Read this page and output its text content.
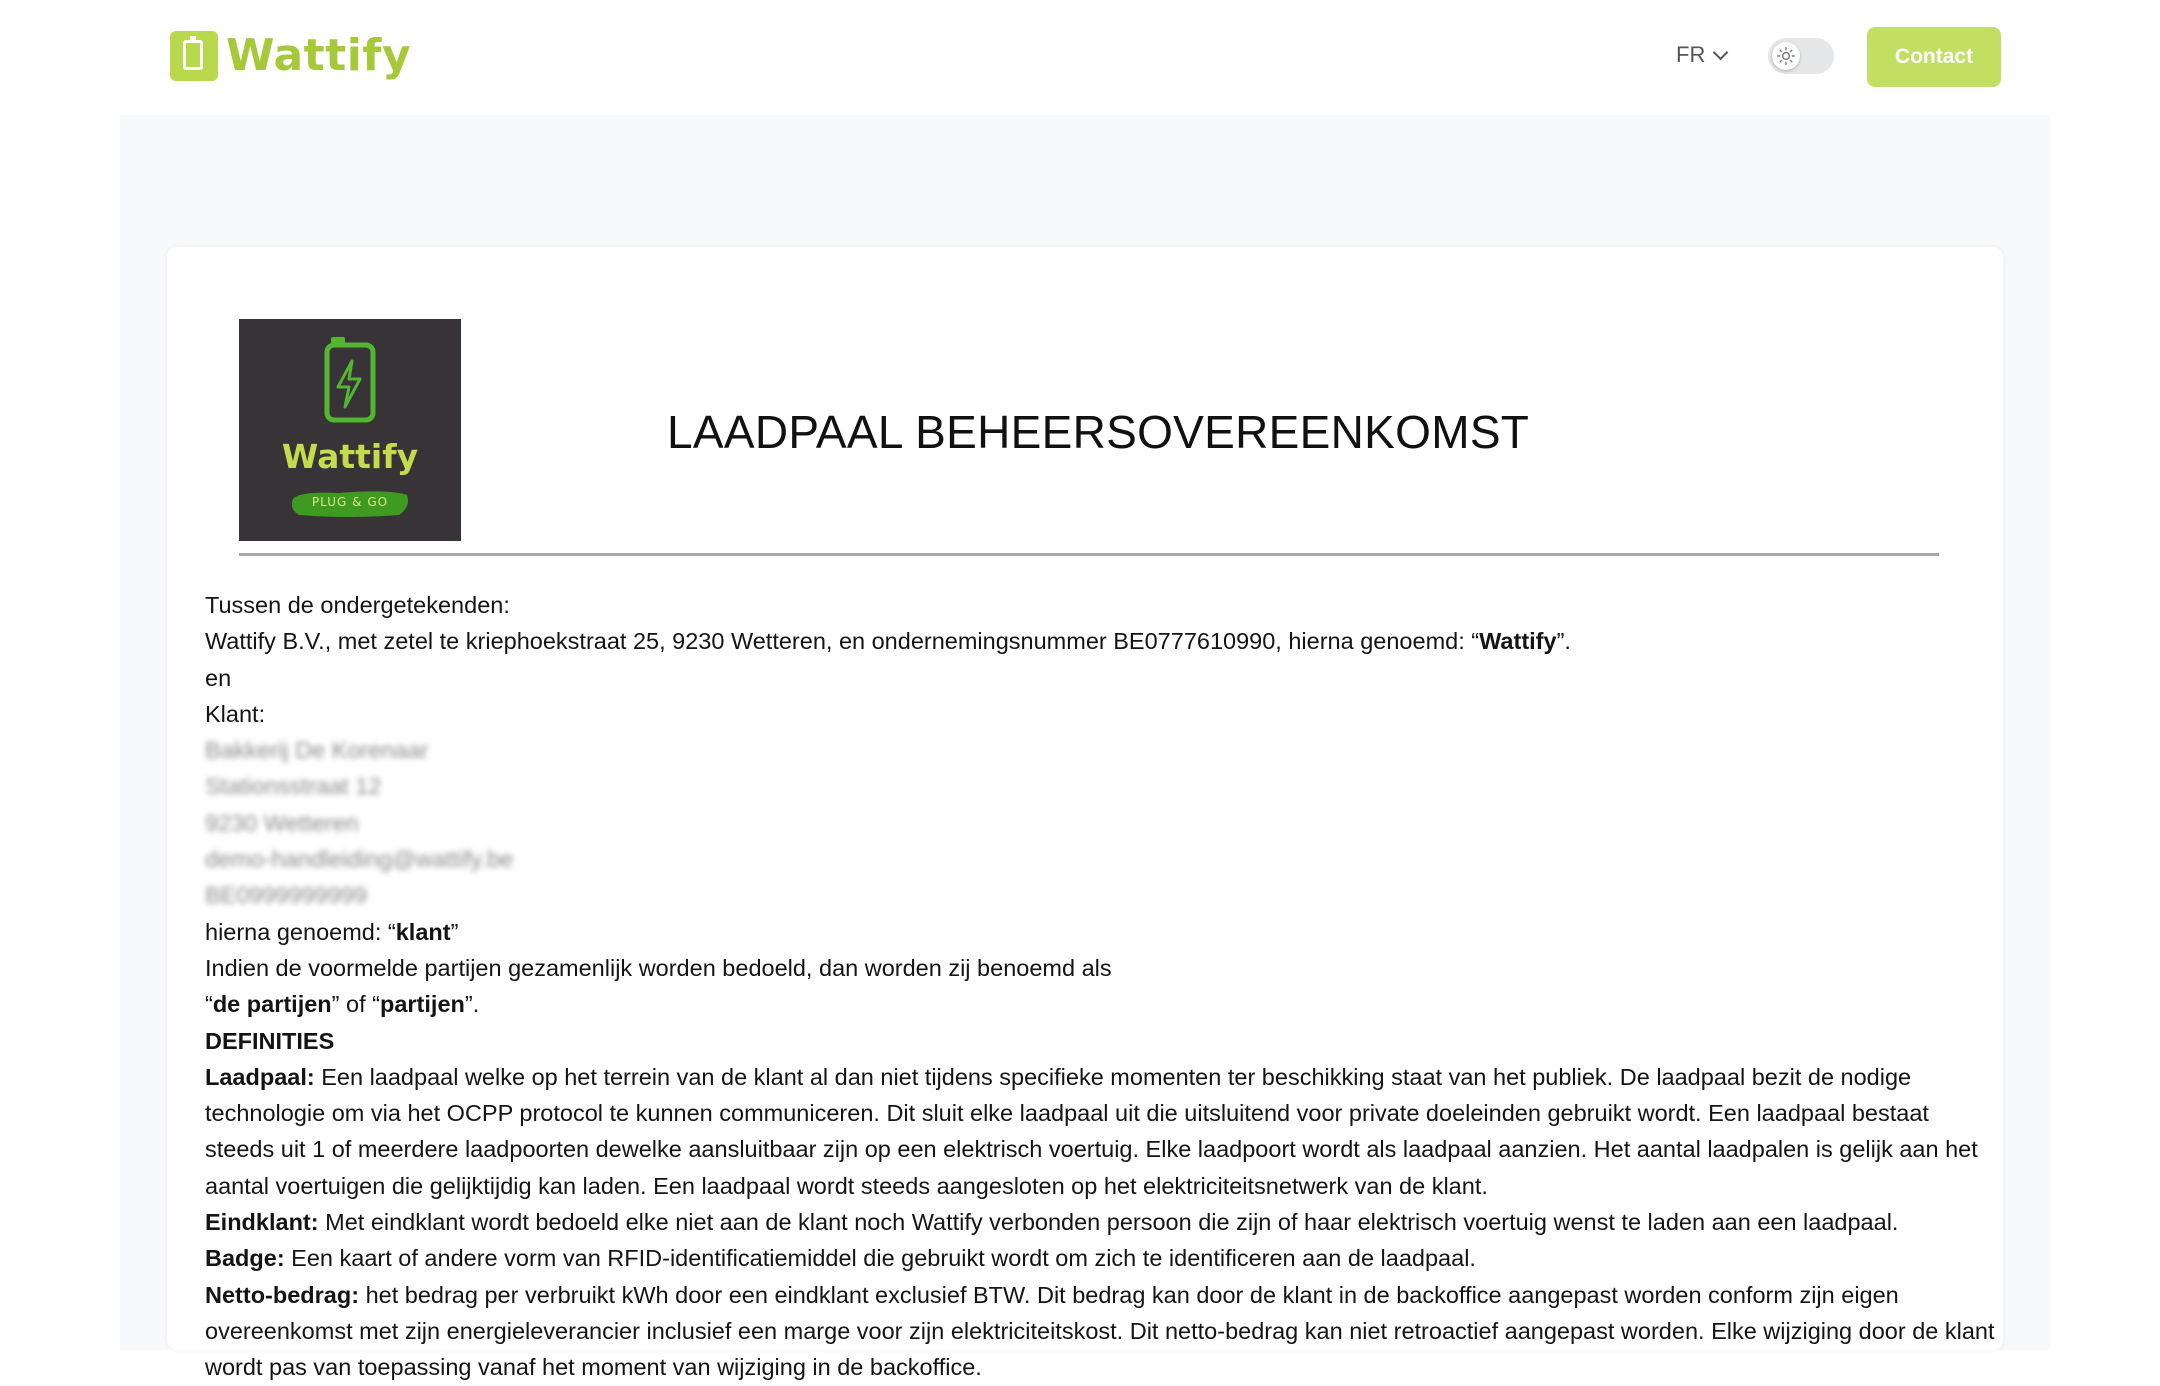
Wattify	FR	Contact
Wattify
PLUG & GO
LAADPAAL BEHEERSOVEREENKOMST

Tussen de ondergetekenden:

Wattify B.V., met zetel te kriephoekstraat 25, 9230 Wetteren, en ondernemingsnummer BE0777610990, hierna genoemd: “Wattify”.

en

Klant:

Bakkerij De Korenaar

Stationsstraat 12

9230 Wetteren

demo-handleiding@wattify.be

BE0999999999

hierna genoemd: “klant”

Indien de voormelde partijen gezamenlijk worden bedoeld, dan worden zij benoemd als

“de partijen” of “partijen”.

DEFINITIES

Laadpaal: Een laadpaal welke op het terrein van de klant al dan niet tijdens specifieke momenten ter beschikking staat van het publiek. De laadpaal bezit de nodige technologie om via het OCPP protocol te kunnen communiceren. Dit sluit elke laadpaal uit die uitsluitend voor private doeleinden gebruikt wordt. Een laadpaal bestaat steeds uit 1 of meerdere laadpoorten dewelke aansluitbaar zijn op een elektrisch voertuig. Elke laadpoort wordt als laadpaal aanzien. Het aantal laadpalen is gelijk aan het aantal voertuigen die gelijktijdig kan laden. Een laadpaal wordt steeds aangesloten op het elektriciteitsnetwerk van de klant.

Eindklant: Met eindklant wordt bedoeld elke niet aan de klant noch Wattify verbonden persoon die zijn of haar elektrisch voertuig wenst te laden aan een laadpaal.

Badge: Een kaart of andere vorm van RFID-identificatiemiddel die gebruikt wordt om zich te identificeren aan de laadpaal.

Netto-bedrag: het bedrag per verbruikt kWh door een eindklant exclusief BTW. Dit bedrag kan door de klant in de backoffice aangepast worden conform zijn eigen overeenkomst met zijn energieleverancier inclusief een marge voor zijn elektriciteitskost. Dit netto-bedrag kan niet retroactief aangepast worden. Elke wijziging door de klant wordt pas van toepassing vanaf het moment van wijziging in de backoffice.
